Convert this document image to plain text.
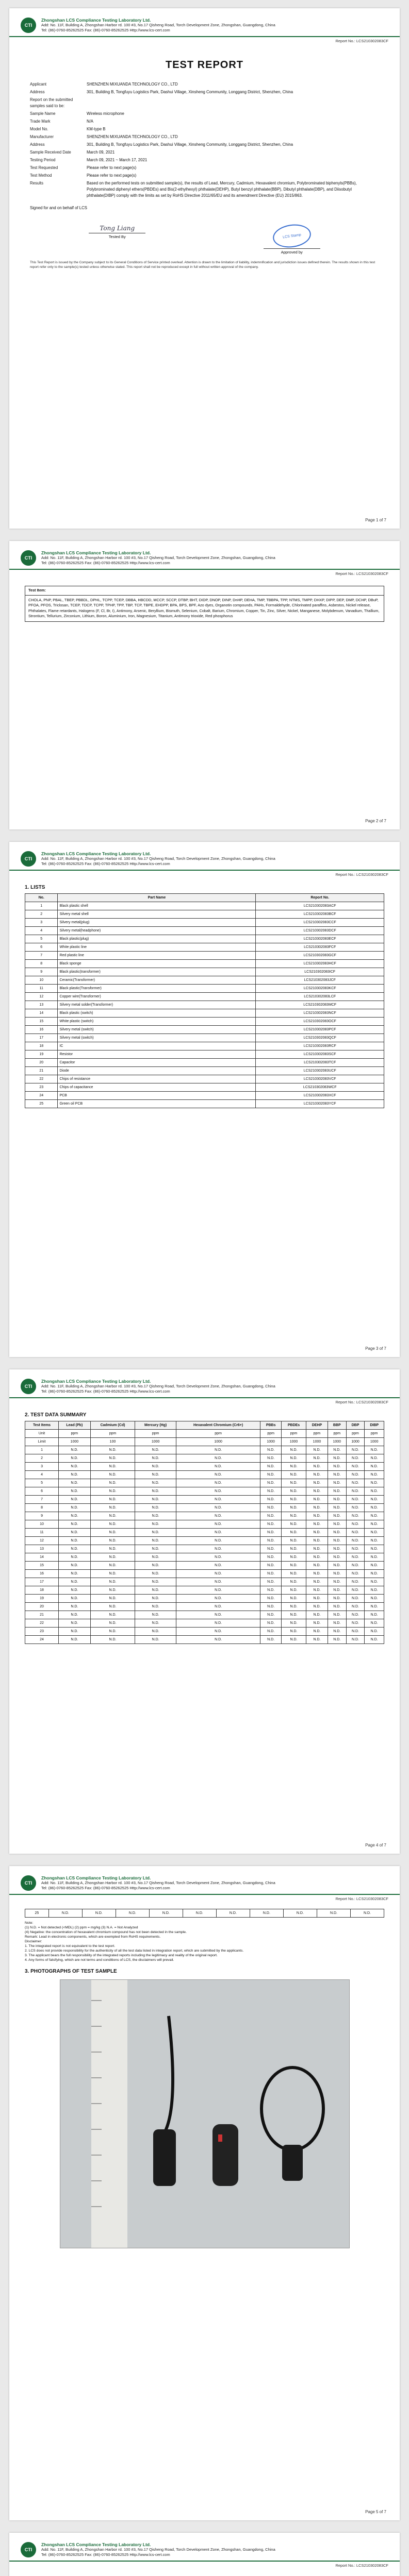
CTI
Zhongshan LCS Compliance Testing Laboratory Ltd.
Add: No. 11F, Building A, Zhongshan Harbor rd. 100 #3, No.17 Qisheng Road, Torch Development Zone, Zhongshan, Guangdong, China
Tel: (86)-0760-85262525 Fax: (86)-0760-85262525 Http://www.lcs-cert.com
Report No.: LCS210302083CF
TEST REPORT
Applicant	SHENZHEN MIXUANDA TECHNOLOGY CO., LTD
Address	301, Building B, Tongfuyu Logistics Park, Dashui Village, Xinsheng Community, Longgang District, Shenzhen, China
Report on the submitted samples said to be:
Sample Name	Wireless microphone
Trade Mark	N/A
Model No.	KM-type B
Manufacturer	SHENZHEN MIXUANDA TECHNOLOGY CO., LTD
Address	301, Building B, Tongfuyu Logistics Park, Dashui Village, Xinsheng Community, Longgang District, Shenzhen, China
Sample Received Date	March 09, 2021
Testing Period	March 09, 2021 ~ March 17, 2021
Test Requested	Please refer to next page(s)
Test Method	Please refer to next page(s)
Results	Based on the performed tests on submitted sample(s), the results of Lead, Mercury, Cadmium, Hexavalent chromium, Polybrominated biphenyls(PBBs), Polybrominated diphenyl ethers(PBDEs) and Bis(2-ethylhexyl) phthalate(DEHP), Butyl benzyl phthalate(BBP), Dibutyl phthalate(DBP), and Diisobutyl phthalate(DIBP) comply with the limits as set by RoHS Directive 2011/65/EU and its amendment Directive (EU) 2015/863.
Signed for and on behalf of LCS
Tong Liang
Tested By	LCS Stamp
Approved by
This Test Report is issued by the Company subject to its General Conditions of Service printed overleaf. Attention is drawn to the limitation of liability, indemnification and jurisdiction issues defined therein. The results shown in this test report refer only to the sample(s) tested unless otherwise stated. This report shall not be reproduced except in full without written approval of the company.
Page 1 of 7
CTI
Zhongshan LCS Compliance Testing Laboratory Ltd.
Add: No. 11F, Building A, Zhongshan Harbor rd. 100 #3, No.17 Qisheng Road, Torch Development Zone, Zhongshan, Guangdong, China
Tel: (86)-0760-85262525 Fax: (86)-0760-85262525 Http://www.lcs-cert.com
Report No.: LCS210302083CF
Test Item:
CHOLA, PNP, PBAL, TBEP, PBBDL, DPHL, TCPP, TCEP, DBBA, HBCDD, MCCP, SCCP, DTBP, BHT, DIDP, DNOP, DINP, DnHP, DEHA, TMP, TBBPA, TPP, NTMS, TMPP, DHXP, DIPP, DEP, DMP, DCHP, DBuP, PFOA, PFOS, Triclosan, TCEP, TDCP, TCPP, TPHP, TPP, TBP, TCP, TBPE, EHDPP, BPA, BPS, BPF, Azo dyes, Organotin compounds, PAHs, Formaldehyde, Chlorinated paraffins, Asbestos, Nickel release, Phthalates, Flame retardants, Halogens (F, Cl, Br, I), Antimony, Arsenic, Beryllium, Bismuth, Selenium, Cobalt, Barium, Chromium, Copper, Tin, Zinc, Silver, Nickel, Manganese, Molybdenum, Vanadium, Thallium, Strontium, Tellurium, Zirconium, Lithium, Boron, Aluminium, Iron, Magnesium, Titanium, Antimony trioxide, Red phosphorus
Page 2 of 7
CTI
Zhongshan LCS Compliance Testing Laboratory Ltd.
Add: No. 11F, Building A, Zhongshan Harbor rd. 100 #3, No.17 Qisheng Road, Torch Development Zone, Zhongshan, Guangdong, China
Tel: (86)-0760-85262525 Fax: (86)-0760-85262525 Http://www.lcs-cert.com
Report No.: LCS210302083CF
1. LISTS
No.	Part Name	Report No.
1	Black plastic shell	LCS210302083ACF
2	Silvery metal shell	LCS210302083BCF
3	Silvery metal(plug)	LCS210302083CCF
4	Silvery metal(headphone)	LCS210302083DCF
5	Black plastic(plug)	LCS210302083ECF
6	White plastic line	LCS210302083FCF
7	Red plastic line	LCS210302083GCF
8	Black sponge	LCS210302083HCF
9	Black plastic(transformer)	LCS210302083ICF
10	Ceramic(Transformer)	LCS210302083JCF
11	Black plastic(Transformer)	LCS210302083KCF
12	Copper wire(Transformer)	LCS210302083LCF
13	Silvery metal solder(Transformer)	LCS210302083MCF
14	Black plastic (switch)	LCS210302083NCF
15	White plastic (switch)	LCS210302083OCF
16	Silvery metal (switch)	LCS210302083PCF
17	Silvery metal (switch)	LCS210302083QCF
18	IC	LCS210302083RCF
19	Resistor	LCS210302083SCF
20	Capacitor	LCS210302083TCF
21	Diode	LCS210302083UCF
22	Chips of resistance	LCS210302083VCF
23	Chips of capacitance	LCS210302083WCF
24	PCB	LCS210302083XCF
25	Green oil PCB	LCS210302083YCF
Page 3 of 7
CTI
Zhongshan LCS Compliance Testing Laboratory Ltd.
Add: No. 11F, Building A, Zhongshan Harbor rd. 100 #3, No.17 Qisheng Road, Torch Development Zone, Zhongshan, Guangdong, China
Tel: (86)-0760-85262525 Fax: (86)-0760-85262525 Http://www.lcs-cert.com
Report No.: LCS210302083CF
2. TEST DATA SUMMARY
Test Items	Lead (Pb)	Cadmium (Cd)	Mercury (Hg)	Hexavalent Chromium (Cr6+)	PBBs	PBDEs	DEHP	BBP	DBP	DIBP
Unit	ppm	ppm	ppm	ppm	ppm	ppm	ppm	ppm	ppm	ppm
Limit	1000	100	1000	1000	1000	1000	1000	1000	1000	1000
1	N.D.	N.D.	N.D.	N.D.	N.D.	N.D.	N.D.	N.D.	N.D.	N.D.
2	N.D.	N.D.	N.D.	N.D.	N.D.	N.D.	N.D.	N.D.	N.D.	N.D.
3	N.D.	N.D.	N.D.	N.D.	N.D.	N.D.	N.D.	N.D.	N.D.	N.D.
4	N.D.	N.D.	N.D.	N.D.	N.D.	N.D.	N.D.	N.D.	N.D.	N.D.
5	N.D.	N.D.	N.D.	N.D.	N.D.	N.D.	N.D.	N.D.	N.D.	N.D.
6	N.D.	N.D.	N.D.	N.D.	N.D.	N.D.	N.D.	N.D.	N.D.	N.D.
7	N.D.	N.D.	N.D.	N.D.	N.D.	N.D.	N.D.	N.D.	N.D.	N.D.
8	N.D.	N.D.	N.D.	N.D.	N.D.	N.D.	N.D.	N.D.	N.D.	N.D.
9	N.D.	N.D.	N.D.	N.D.	N.D.	N.D.	N.D.	N.D.	N.D.	N.D.
10	N.D.	N.D.	N.D.	N.D.	N.D.	N.D.	N.D.	N.D.	N.D.	N.D.
11	N.D.	N.D.	N.D.	N.D.	N.D.	N.D.	N.D.	N.D.	N.D.	N.D.
12	N.D.	N.D.	N.D.	N.D.	N.D.	N.D.	N.D.	N.D.	N.D.	N.D.
13	N.D.	N.D.	N.D.	N.D.	N.D.	N.D.	N.D.	N.D.	N.D.	N.D.
14	N.D.	N.D.	N.D.	N.D.	N.D.	N.D.	N.D.	N.D.	N.D.	N.D.
15	N.D.	N.D.	N.D.	N.D.	N.D.	N.D.	N.D.	N.D.	N.D.	N.D.
16	N.D.	N.D.	N.D.	N.D.	N.D.	N.D.	N.D.	N.D.	N.D.	N.D.
17	N.D.	N.D.	N.D.	N.D.	N.D.	N.D.	N.D.	N.D.	N.D.	N.D.
18	N.D.	N.D.	N.D.	N.D.	N.D.	N.D.	N.D.	N.D.	N.D.	N.D.
19	N.D.	N.D.	N.D.	N.D.	N.D.	N.D.	N.D.	N.D.	N.D.	N.D.
20	N.D.	N.D.	N.D.	N.D.	N.D.	N.D.	N.D.	N.D.	N.D.	N.D.
21	N.D.	N.D.	N.D.	N.D.	N.D.	N.D.	N.D.	N.D.	N.D.	N.D.
22	N.D.	N.D.	N.D.	N.D.	N.D.	N.D.	N.D.	N.D.	N.D.	N.D.
23	N.D.	N.D.	N.D.	N.D.	N.D.	N.D.	N.D.	N.D.	N.D.	N.D.
24	N.D.	N.D.	N.D.	N.D.	N.D.	N.D.	N.D.	N.D.	N.D.	N.D.
Page 4 of 7
CTI
Zhongshan LCS Compliance Testing Laboratory Ltd.
Add: No. 11F, Building A, Zhongshan Harbor rd. 100 #3, No.17 Qisheng Road, Torch Development Zone, Zhongshan, Guangdong, China
Tel: (86)-0760-85262525 Fax: (86)-0760-85262525 Http://www.lcs-cert.com
Report No.: LCS210302083CF
25	N.D.	N.D.	N.D.	N.D.	N.D.	N.D.	N.D.	N.D.	N.D.	N.D.
Note:
(1) N.D. = Not detected (<MDL) (2) ppm = mg/kg (3) N.A. = Not Analyzed
(4) Negative: the concentration of hexavalent chromium compound has not been detected in the sample.
Remark: Lead in electronic components, which are exempted from RoHS requirements.
Disclaimer:
1. The integrated report is not equivalent to the test report.
2. LCS does not provide responsibility for the authenticity of all the test data listed in integration report, which are submitted by the applicants.
3. The applicant bears the full responsibility of the integrated reports including the legitimacy and reality of the original report.
4. Any forms of falsifying, which are not terms and conditions of LCS, the disclaimers will prevail.
3. PHOTOGRAPHS OF TEST SAMPLE
Page 5 of 7
CTI
Zhongshan LCS Compliance Testing Laboratory Ltd.
Add: No. 11F, Building A, Zhongshan Harbor rd. 100 #3, No.17 Qisheng Road, Torch Development Zone, Zhongshan, Guangdong, China
Tel: (86)-0760-85262525 Fax: (86)-0760-85262525 Http://www.lcs-cert.com
Report No.: LCS210302083CF
